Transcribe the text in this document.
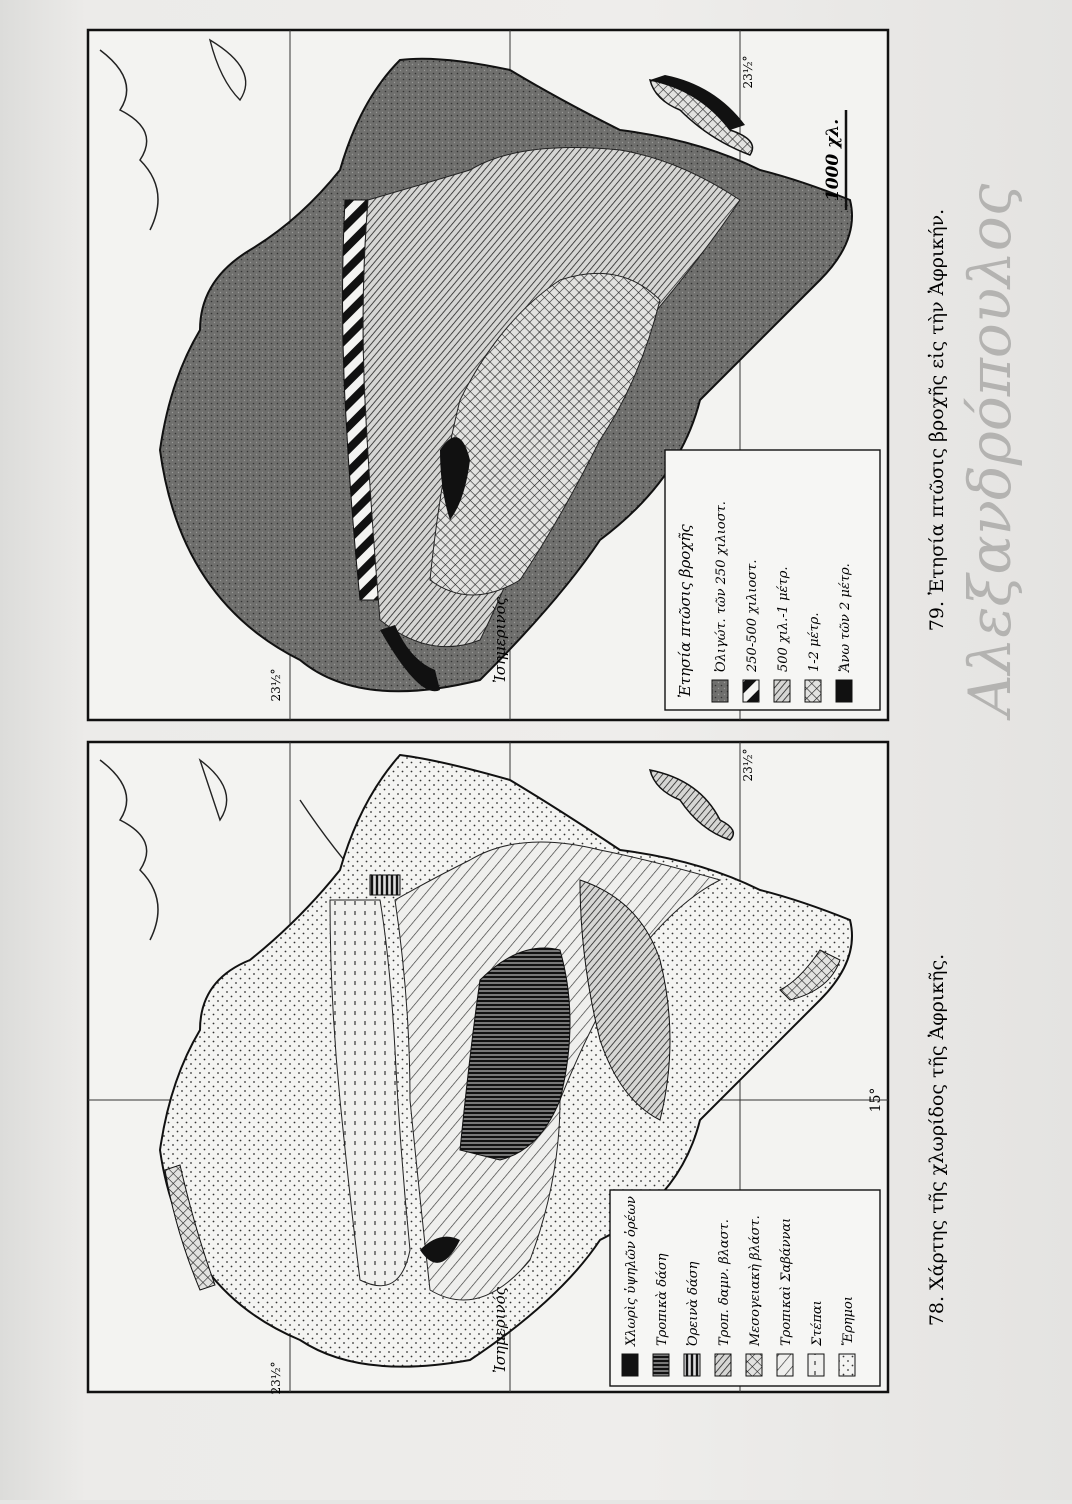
Ἰσημερινός
23½°
23½°
15°
Χλωρὶς ὑψηλῶν ὀρέων Τροπικὰ δάση Ὀρεινὰ δάση Τροπ. δαμν. βλαστ. Μεσογειακὴ βλάστ. Τροπικαὶ Σαβάνναι Στέπαι Ἔρημοι
Ἰσημερινός
23½°
23½°
1000 χλ.
Ἐτησία πτῶσις βροχῆς Ὀλιγώτ. τῶν 250 χιλιοστ. 250-500 χιλιοστ. 500 χιλ.-1 μέτρ. 1-2 μέτρ. Ἄνω τῶν 2 μέτρ.
78. Χάρτης τῆς χλωρίδος τῆς Ἀφρικῆς.
79. Ἐτησία πτῶσις βροχῆς εἰς τὴν Ἀφρικήν. Αλεξανδρόπουλος
